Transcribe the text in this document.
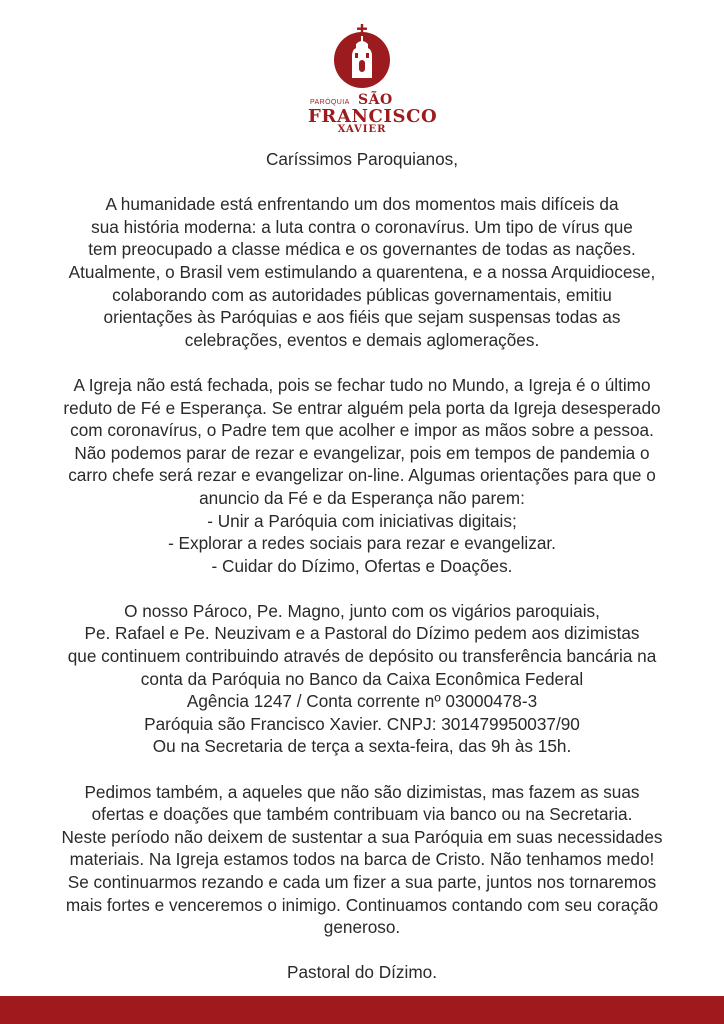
PARÓQUIA SÃO
FRANCISCO
XAVIER
Caríssimos Paroquianos,
A humanidade está enfrentando um dos momentos mais difíceis da
sua história moderna: a luta contra o coronavírus. Um tipo de vírus que
tem preocupado a classe médica e os governantes de todas as nações.
Atualmente, o Brasil vem estimulando a quarentena, e a nossa Arquidiocese,
colaborando com as autoridades públicas governamentais, emitiu
orientações às Paróquias e aos fiéis que sejam suspensas todas as
celebrações, eventos e demais aglomerações.
A Igreja não está fechada, pois se fechar tudo no Mundo, a Igreja é o último
reduto de Fé e Esperança. Se entrar alguém pela porta da Igreja desesperado
com coronavírus, o Padre tem que acolher e impor as mãos sobre a pessoa.
Não podemos parar de rezar e evangelizar, pois em tempos de pandemia o
carro chefe será rezar e evangelizar on-line. Algumas orientações para que o
anuncio da Fé e da Esperança não parem:
- Unir a Paróquia com iniciativas digitais;
- Explorar a redes sociais para rezar e evangelizar.
- Cuidar do Dízimo, Ofertas e Doações.
O nosso Pároco, Pe. Magno, junto com os vigários paroquiais,
Pe. Rafael e Pe. Neuzivam e a Pastoral do Dízimo pedem aos dizimistas
que continuem contribuindo através de depósito ou transferência bancária na
conta da Paróquia no Banco da Caixa Econômica Federal
Agência 1247 / Conta corrente nº 03000478-3
Paróquia são Francisco Xavier. CNPJ: 301479950037/90
Ou na Secretaria de terça a sexta-feira, das 9h às 15h.
Pedimos também, a aqueles que não são dizimistas, mas fazem as suas
ofertas e doações que também contribuam via banco ou na Secretaria.
Neste período não deixem de sustentar a sua Paróquia em suas necessidades
materiais. Na Igreja estamos todos na barca de Cristo. Não tenhamos medo!
Se continuarmos rezando e cada um fizer a sua parte, juntos nos tornaremos
mais fortes e venceremos o inimigo. Continuamos contando com seu coração
generoso.
Pastoral do Dízimo.
